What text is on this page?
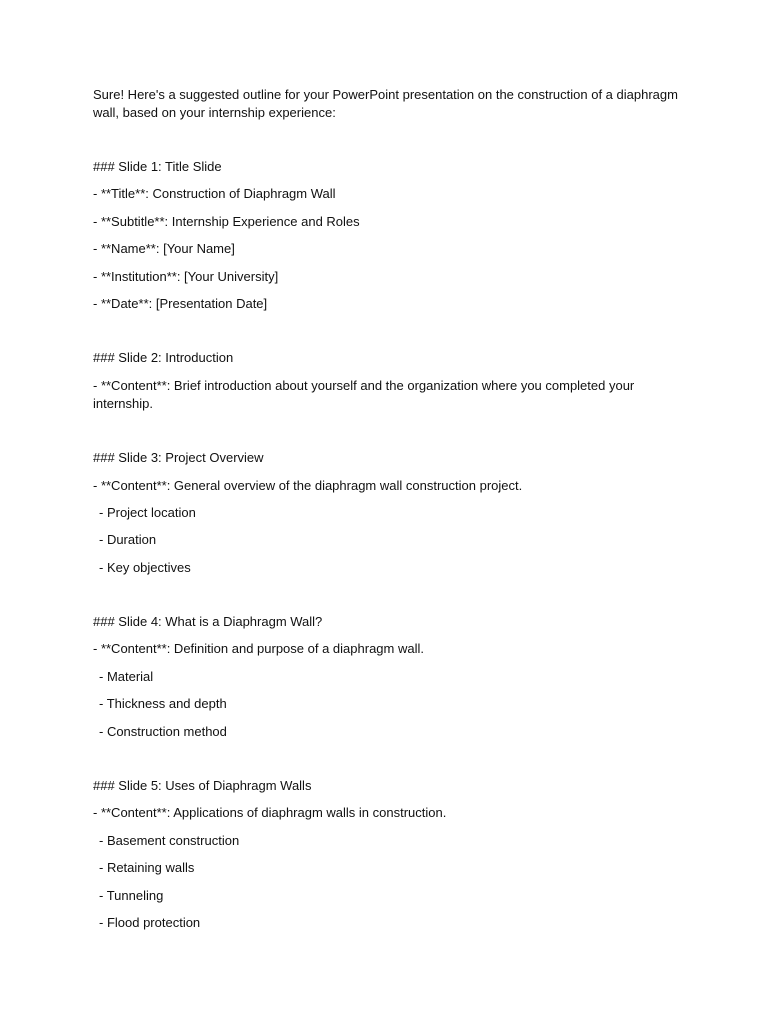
Sure! Here's a suggested outline for your PowerPoint presentation on the construction of a diaphragm wall, based on your internship experience:

### Slide 1: Title Slide
- **Title**: Construction of Diaphragm Wall
- **Subtitle**: Internship Experience and Roles
- **Name**: [Your Name]
- **Institution**: [Your University]
- **Date**: [Presentation Date]
### Slide 2: Introduction
- **Content**: Brief introduction about yourself and the organization where you completed your internship.
### Slide 3: Project Overview
- **Content**: General overview of the diaphragm wall construction project.
- Project location
- Duration
- Key objectives
### Slide 4: What is a Diaphragm Wall?
- **Content**: Definition and purpose of a diaphragm wall.
- Material
- Thickness and depth
- Construction method
### Slide 5: Uses of Diaphragm Walls
- **Content**: Applications of diaphragm walls in construction.
- Basement construction
- Retaining walls
- Tunneling
- Flood protection
